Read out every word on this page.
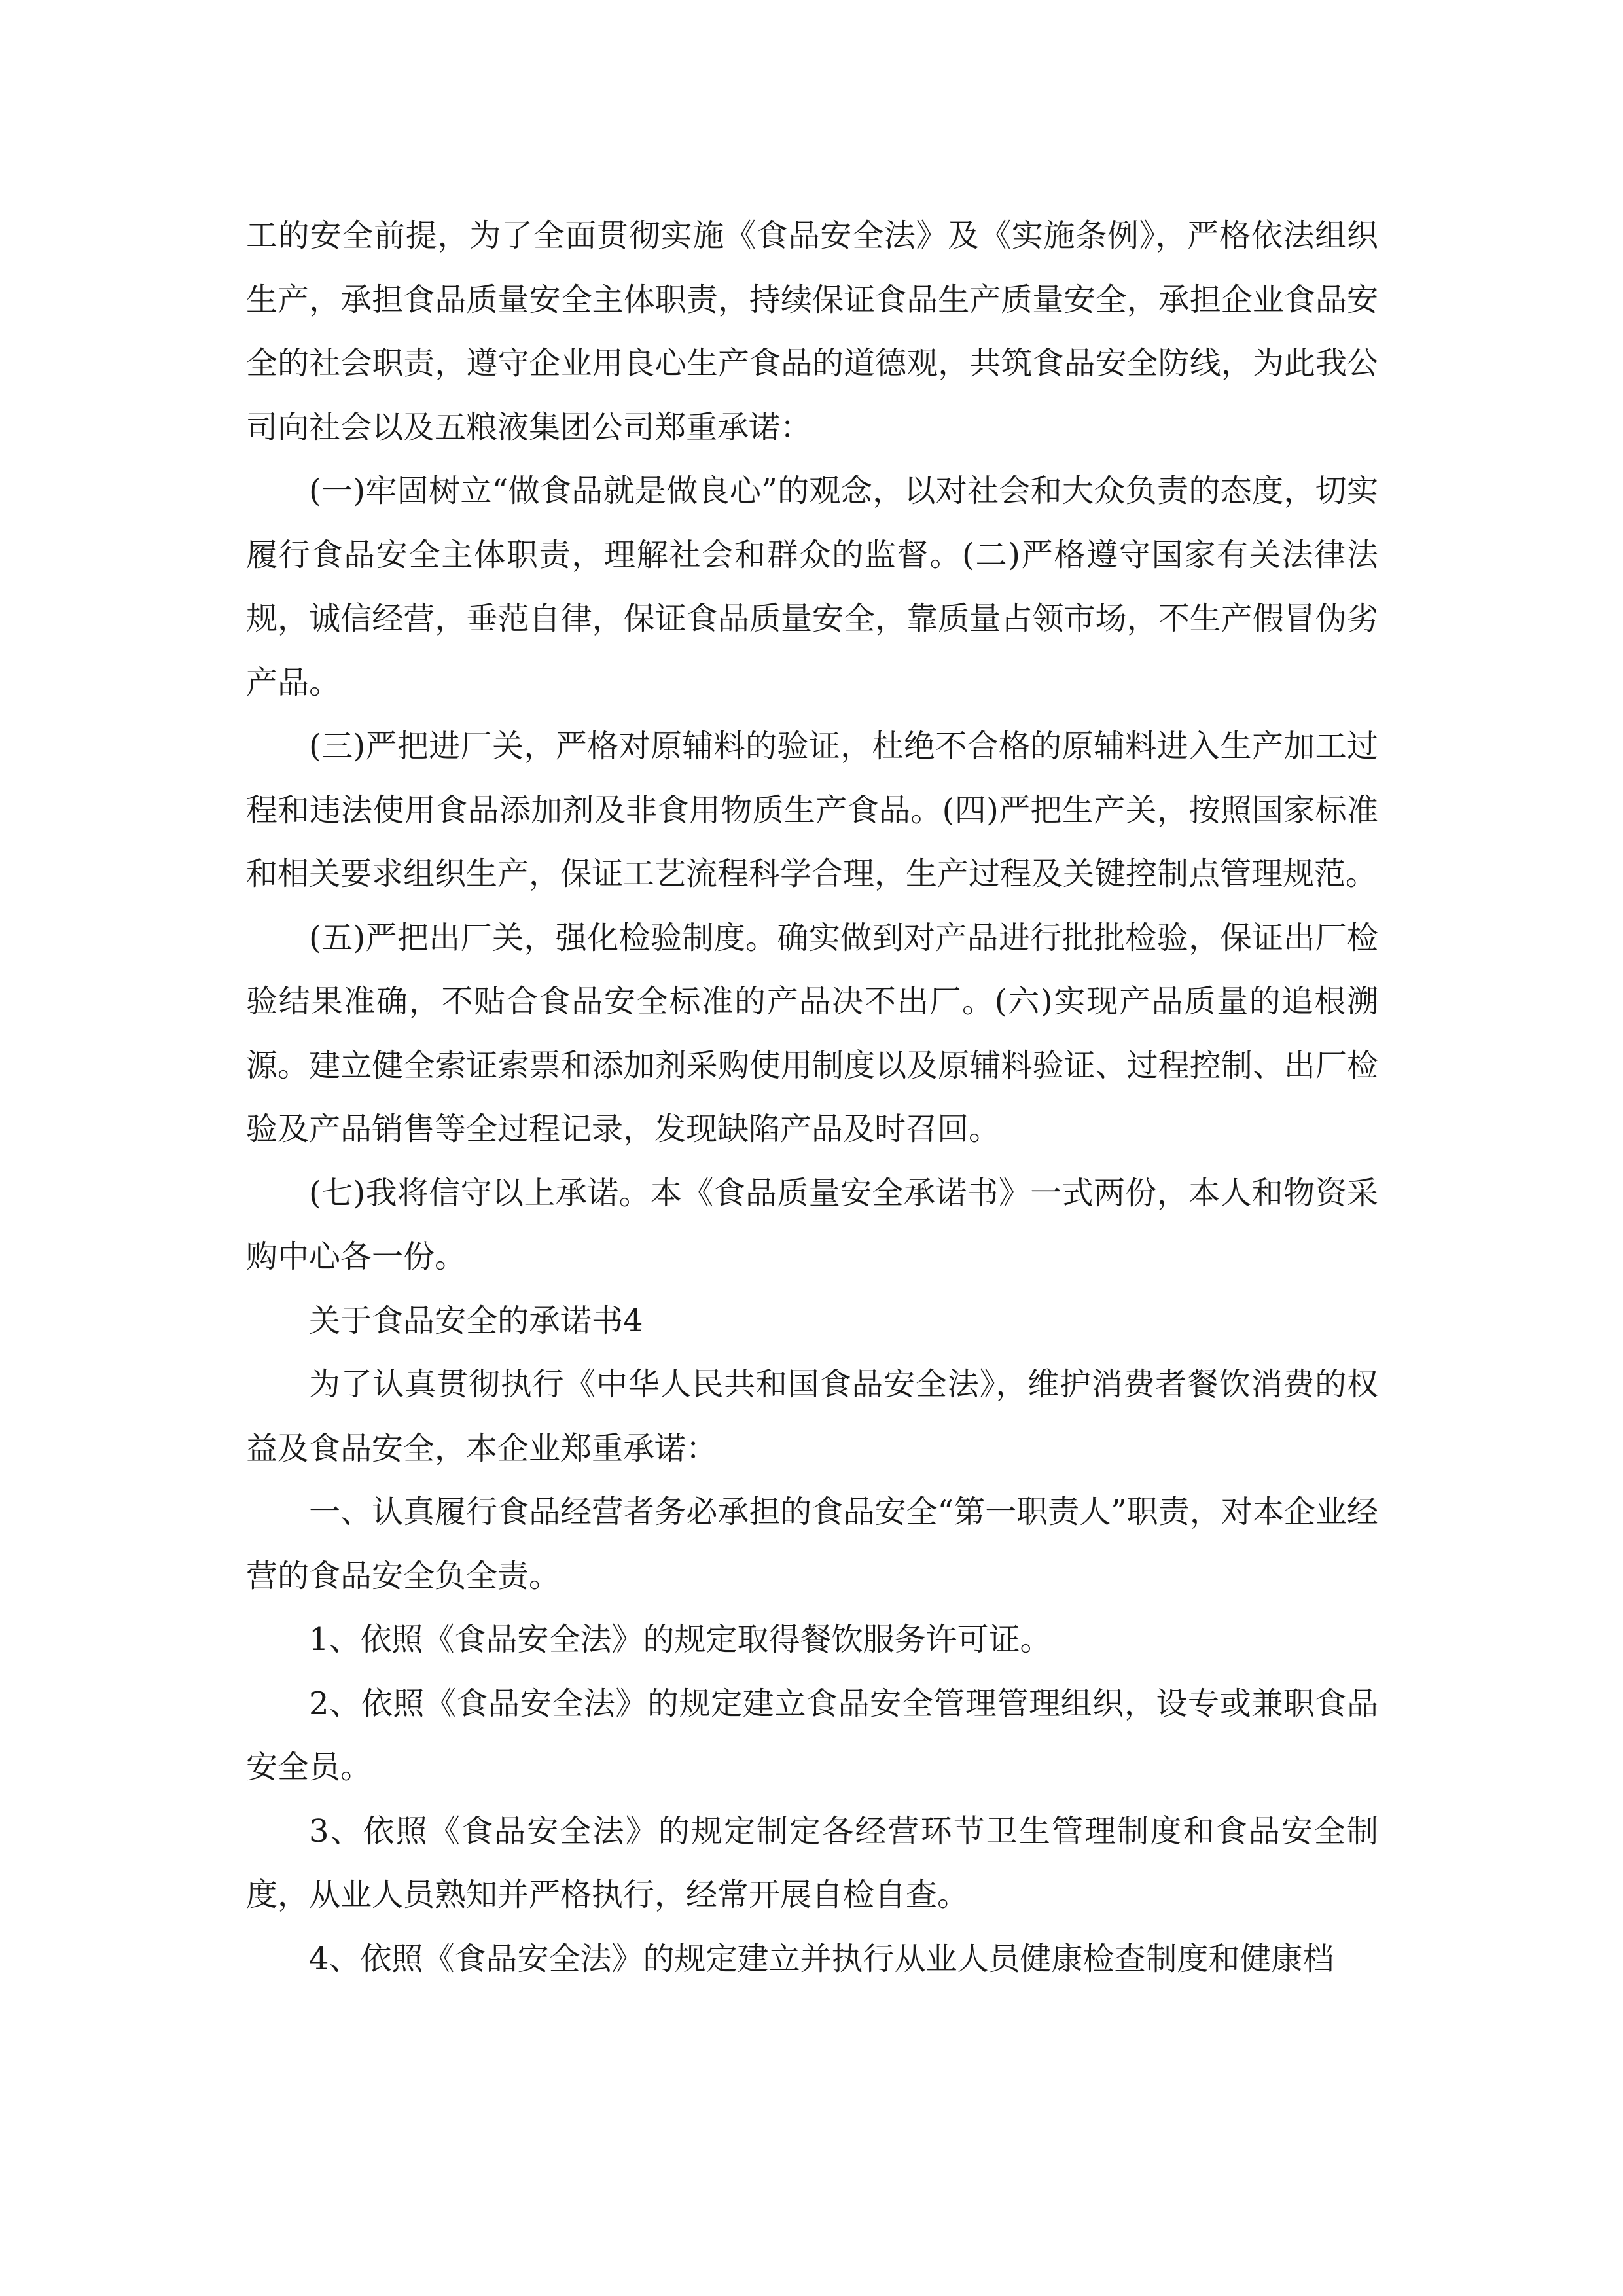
工的安全前提，为了全面贯彻实施《食品安全法》及《实施条例》，严格依法组织生产，承担食品质量安全主体职责，持续保证食品生产质量安全，承担企业食品安全的社会职责，遵守企业用良心生产食品的道德观，共筑食品安全防线，为此我公司向社会以及五粮液集团公司郑重承诺：

(一)牢固树立“做食品就是做良心”的观念，以对社会和大众负责的态度，切实履行食品安全主体职责，理解社会和群众的监督。(二)严格遵守国家有关法律法规，诚信经营，垂范自律，保证食品质量安全，靠质量占领市场，不生产假冒伪劣产品。

(三)严把进厂关，严格对原辅料的验证，杜绝不合格的原辅料进入生产加工过程和违法使用食品添加剂及非食用物质生产食品。(四)严把生产关，按照国家标准和相关要求组织生产，保证工艺流程科学合理，生产过程及关键控制点管理规范。

(五)严把出厂关，强化检验制度。确实做到对产品进行批批检验，保证出厂检验结果准确，不贴合食品安全标准的产品决不出厂。(六)实现产品质量的追根溯源。建立健全索证索票和添加剂采购使用制度以及原辅料验证、过程控制、出厂检验及产品销售等全过程记录，发现缺陷产品及时召回。

(七)我将信守以上承诺。本《食品质量安全承诺书》一式两份，本人和物资采购中心各一份。

关于食品安全的承诺书4

为了认真贯彻执行《中华人民共和国食品安全法》，维护消费者餐饮消费的权益及食品安全，本企业郑重承诺：

一、认真履行食品经营者务必承担的食品安全“第一职责人”职责，对本企业经营的食品安全负全责。

1、依照《食品安全法》的规定取得餐饮服务许可证。

2、依照《食品安全法》的规定建立食品安全管理管理组织，设专或兼职食品安全员。

3、依照《食品安全法》的规定制定各经营环节卫生管理制度和食品安全制度，从业人员熟知并严格执行，经常开展自检自查。

4、依照《食品安全法》的规定建立并执行从业人员健康检查制度和健康档
